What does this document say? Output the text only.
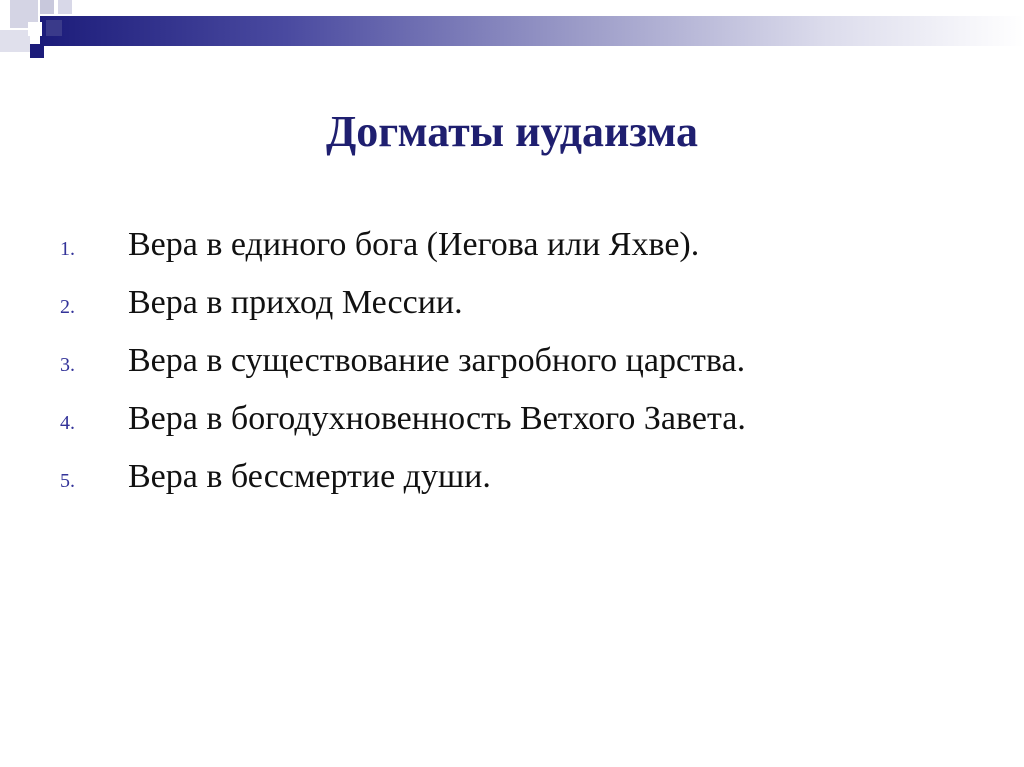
Догматы иудаизма
1.	Вера в единого бога (Иегова или Яхве).
2.	Вера в приход Мессии.
3.	Вера в существование загробного царства.
4.	Вера в богодухновенность Ветхого Завета.
5.	Вера в бессмертие души.
